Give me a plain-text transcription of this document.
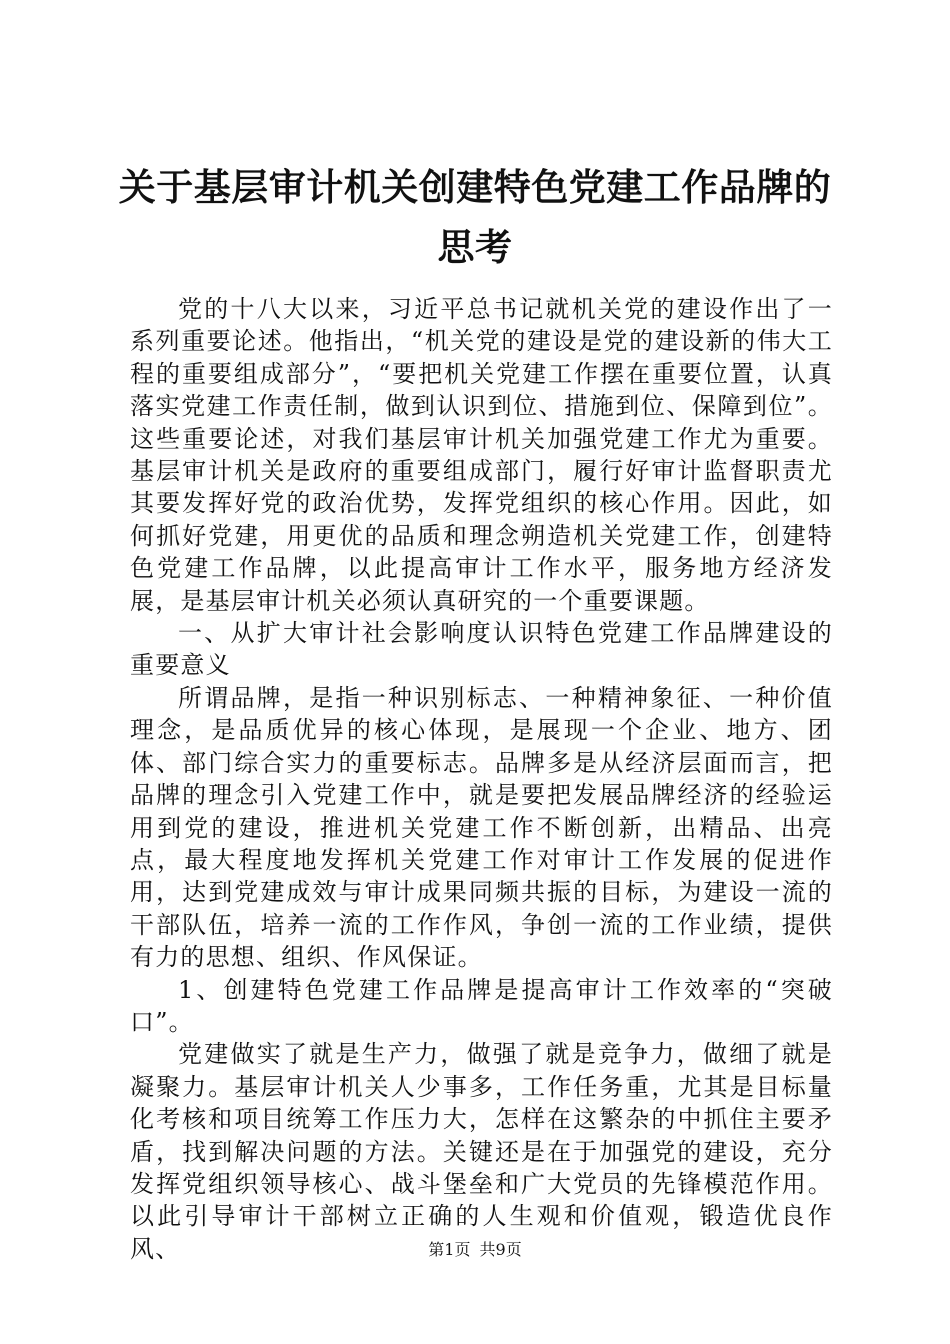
关于基层审计机关创建特色党建工作品牌的思考

党的十八大以来，习近平总书记就机关党的建设作出了一系列重要论述。他指出，“机关党的建设是党的建设新的伟大工程的重要组成部分”，“要把机关党建工作摆在重要位置，认真落实党建工作责任制，做到认识到位、措施到位、保障到位”。这些重要论述，对我们基层审计机关加强党建工作尤为重要。基层审计机关是政府的重要组成部门，履行好审计监督职责尤其要发挥好党的政治优势，发挥党组织的核心作用。因此，如何抓好党建，用更优的品质和理念朔造机关党建工作，创建特色党建工作品牌，以此提高审计工作水平，服务地方经济发展，是基层审计机关必须认真研究的一个重要课题。

一、从扩大审计社会影响度认识特色党建工作品牌建设的重要意义

所谓品牌，是指一种识别标志、一种精神象征、一种价值理念，是品质优异的核心体现，是展现一个企业、地方、团体、部门综合实力的重要标志。品牌多是从经济层面而言，把品牌的理念引入党建工作中，就是要把发展品牌经济的经验运用到党的建设，推进机关党建工作不断创新，出精品、出亮点，最大程度地发挥机关党建工作对审计工作发展的促进作用，达到党建成效与审计成果同频共振的目标，为建设一流的干部队伍，培养一流的工作作风，争创一流的工作业绩，提供有力的思想、组织、作风保证。

1、创建特色党建工作品牌是提高审计工作效率的“突破口”。

党建做实了就是生产力，做强了就是竞争力，做细了就是凝聚力。基层审计机关人少事多，工作任务重，尤其是目标量化考核和项目统筹工作压力大，怎样在这繁杂的中抓住主要矛盾，找到解决问题的方法。关键还是在于加强党的建设，充分发挥党组织领导核心、战斗堡垒和广大党员的先锋模范作用。以此引导审计干部树立正确的人生观和价值观，锻造优良作风、	第1页 共9页
